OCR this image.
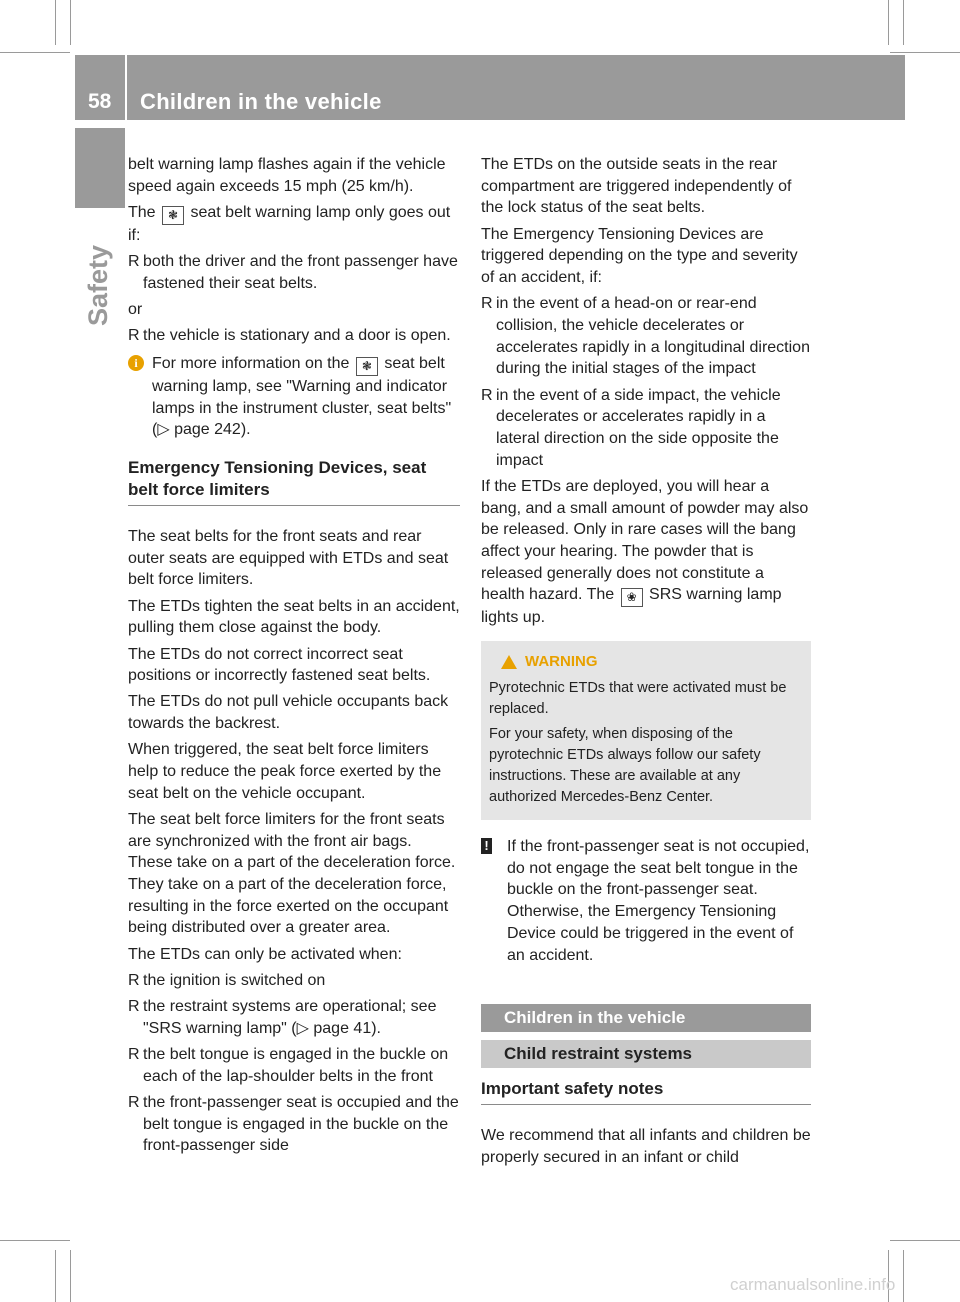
58 Children in the vehicle
Safety

belt warning lamp flashes again if the vehicle speed again exceeds 15 mph (25 km/h).

The ❃ seat belt warning lamp only goes out if:

R both the driver and the front passenger have fastened their seat belts.

or

R the vehicle is stationary and a door is open.
i For more information on the ❃ seat belt warning lamp, see "Warning and indicator lamps in the instrument cluster, seat belts" (▷ page 242).
Emergency Tensioning Devices, seat belt force limiters

The seat belts for the front seats and rear outer seats are equipped with ETDs and seat belt force limiters.

The ETDs tighten the seat belts in an accident, pulling them close against the body.

The ETDs do not correct incorrect seat positions or incorrectly fastened seat belts.

The ETDs do not pull vehicle occupants back towards the backrest.

When triggered, the seat belt force limiters help to reduce the peak force exerted by the seat belt on the vehicle occupant.

The seat belt force limiters for the front seats are synchronized with the front air bags. These take on a part of the deceleration force. They take on a part of the deceleration force, resulting in the force exerted on the occupant being distributed over a greater area.

The ETDs can only be activated when:

R the ignition is switched on
R the restraint systems are operational; see "SRS warning lamp" (▷ page 41).
R the belt tongue is engaged in the buckle on each of the lap-shoulder belts in the front
R the front-passenger seat is occupied and the belt tongue is engaged in the buckle on the front-passenger side

The ETDs on the outside seats in the rear compartment are triggered independently of the lock status of the seat belts.

The Emergency Tensioning Devices are triggered depending on the type and severity of an accident, if:

R in the event of a head-on or rear-end collision, the vehicle decelerates or accelerates rapidly in a longitudinal direction during the initial stages of the impact
R in the event of a side impact, the vehicle decelerates or accelerates rapidly in a lateral direction on the side opposite the impact

If the ETDs are deployed, you will hear a bang, and a small amount of powder may also be released. Only in rare cases will the bang affect your hearing. The powder that is released generally does not constitute a health hazard. The ❀ SRS warning lamp lights up.

WARNING

Pyrotechnic ETDs that were activated must be replaced.

For your safety, when disposing of the pyrotechnic ETDs always follow our safety instructions. These are available at any authorized Mercedes-Benz Center.

! If the front-passenger seat is not occupied, do not engage the seat belt tongue in the buckle on the front-passenger seat. Otherwise, the Emergency Tensioning Device could be triggered in the event of an accident.
Children in the vehicle
Child restraint systems
Important safety notes

We recommend that all infants and children be properly secured in an infant or child

carmanualsonline.info
